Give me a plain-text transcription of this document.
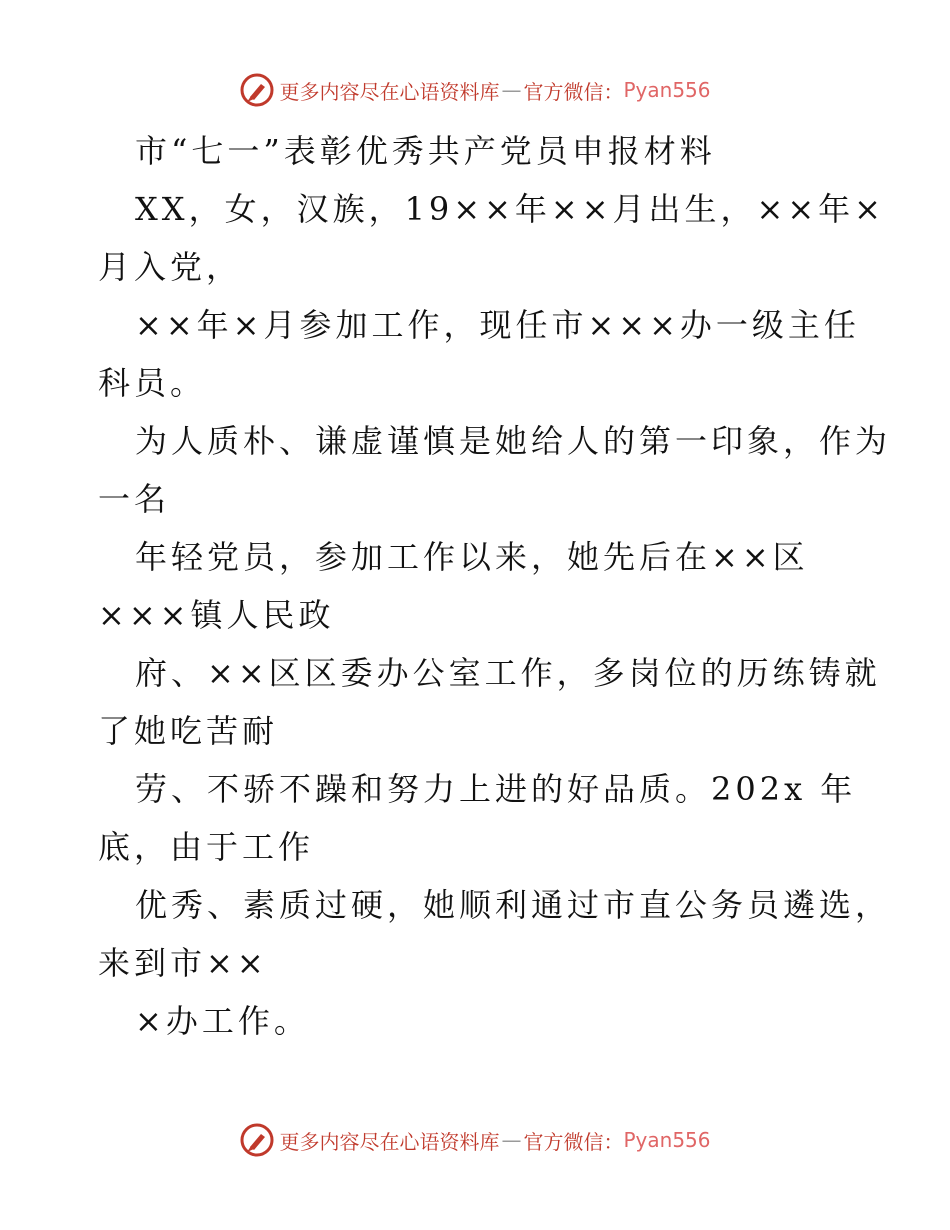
更多内容尽在心语资料库 — 官方微信： Pyan556
市“七一”表彰优秀共产党员申报材料
XX，女，汉族，19××年××月出生，××年×
月入党，
××年×月参加工作，现任市×××办一级主任
科员。
为人质朴、谦虚谨慎是她给人的第一印象，作为
一名
年轻党员，参加工作以来，她先后在××区
×××镇人民政
府、××区区委办公室工作，多岗位的历练铸就
了她吃苦耐
劳、不骄不躁和努力上进的好品质。202x 年
底，由于工作
优秀、素质过硬，她顺利通过市直公务员遴选，
来到市××
×办工作。
更多内容尽在心语资料库 — 官方微信： Pyan556
